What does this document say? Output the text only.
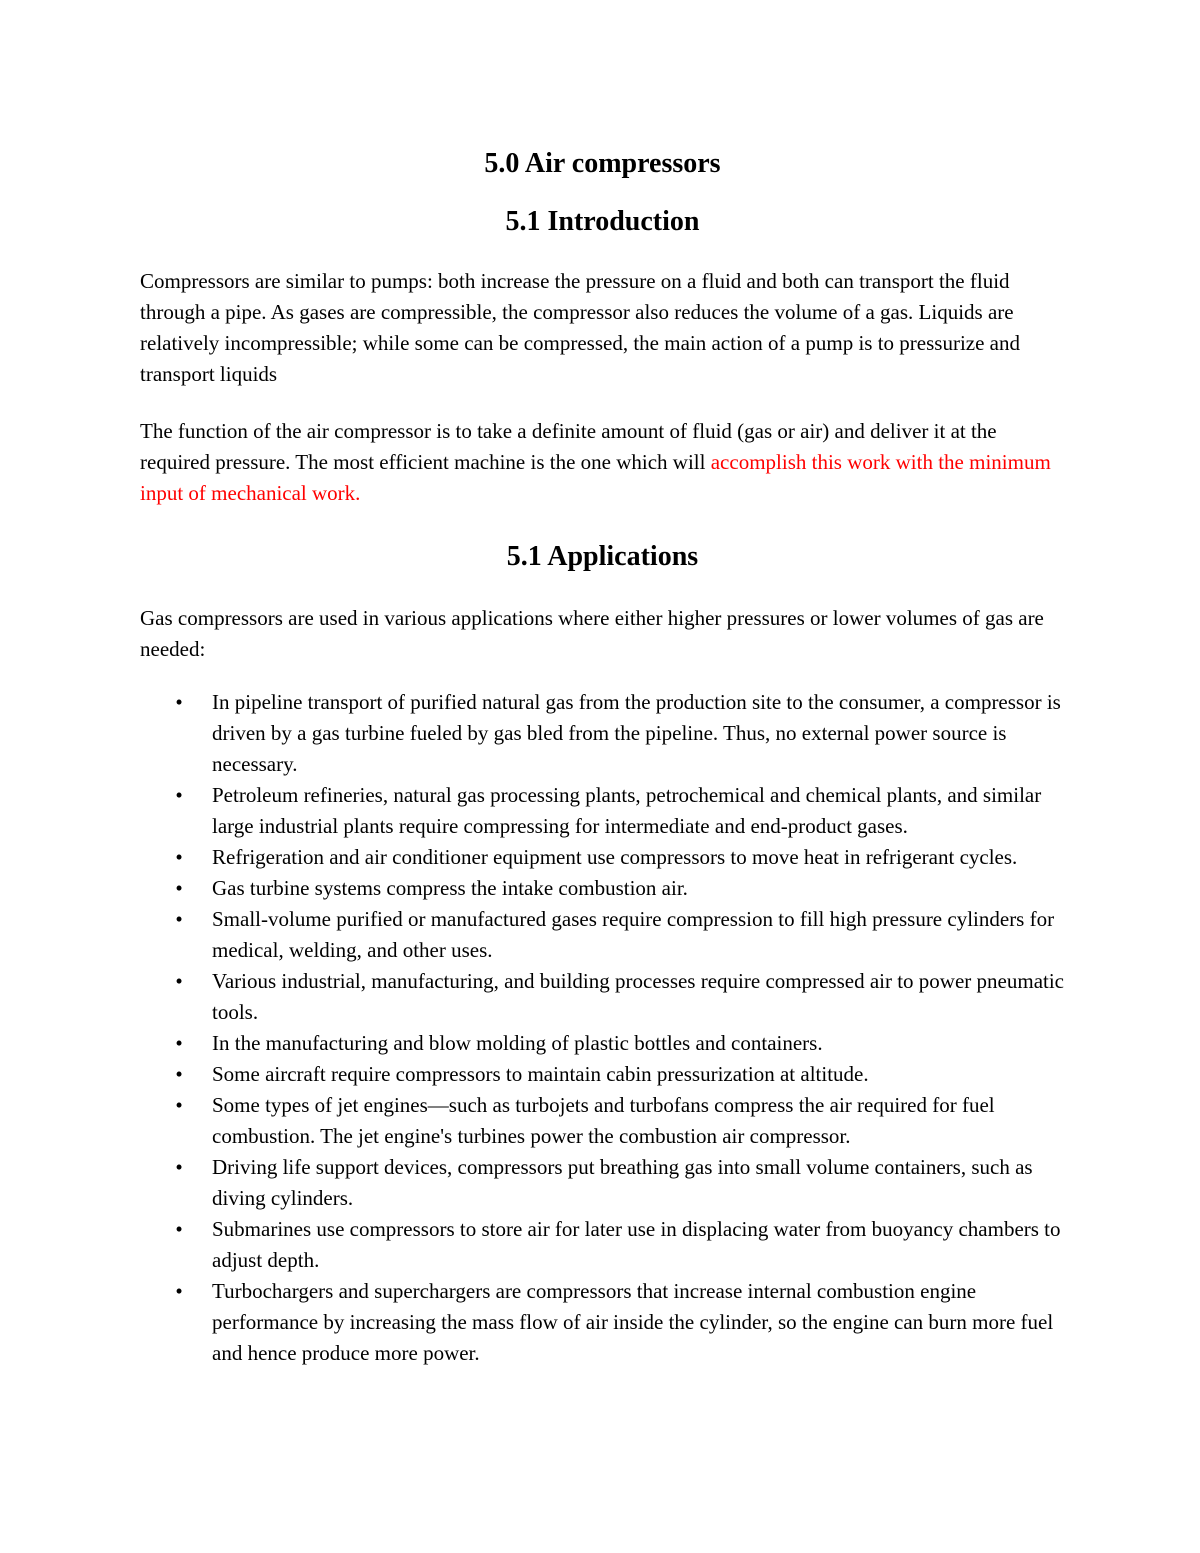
5.0 Air compressors
5.1 Introduction

Compressors are similar to pumps: both increase the pressure on a fluid and both can transport the fluid through a pipe. As gases are compressible, the compressor also reduces the volume of a gas. Liquids are relatively incompressible; while some can be compressed, the main action of a pump is to pressurize and transport liquids

The function of the air compressor is to take a definite amount of fluid (gas or air) and deliver it at the required pressure. The most efficient machine is the one which will accomplish this work with the minimum input of mechanical work.

5.1 Applications

Gas compressors are used in various applications where either higher pressures or lower volumes of gas are needed:

• In pipeline transport of purified natural gas from the production site to the consumer, a compressor is driven by a gas turbine fueled by gas bled from the pipeline. Thus, no external power source is necessary.
• Petroleum refineries, natural gas processing plants, petrochemical and chemical plants, and similar large industrial plants require compressing for intermediate and end-product gases.
• Refrigeration and air conditioner equipment use compressors to move heat in refrigerant cycles.
• Gas turbine systems compress the intake combustion air.
• Small-volume purified or manufactured gases require compression to fill high pressure cylinders for medical, welding, and other uses.
• Various industrial, manufacturing, and building processes require compressed air to power pneumatic tools.
• In the manufacturing and blow molding of plastic bottles and containers.
• Some aircraft require compressors to maintain cabin pressurization at altitude.
• Some types of jet engines—such as turbojets and turbofans compress the air required for fuel combustion. The jet engine's turbines power the combustion air compressor.
• Driving life support devices, compressors put breathing gas into small volume containers, such as diving cylinders.
• Submarines use compressors to store air for later use in displacing water from buoyancy chambers to adjust depth.
• Turbochargers and superchargers are compressors that increase internal combustion engine performance by increasing the mass flow of air inside the cylinder, so the engine can burn more fuel and hence produce more power.
